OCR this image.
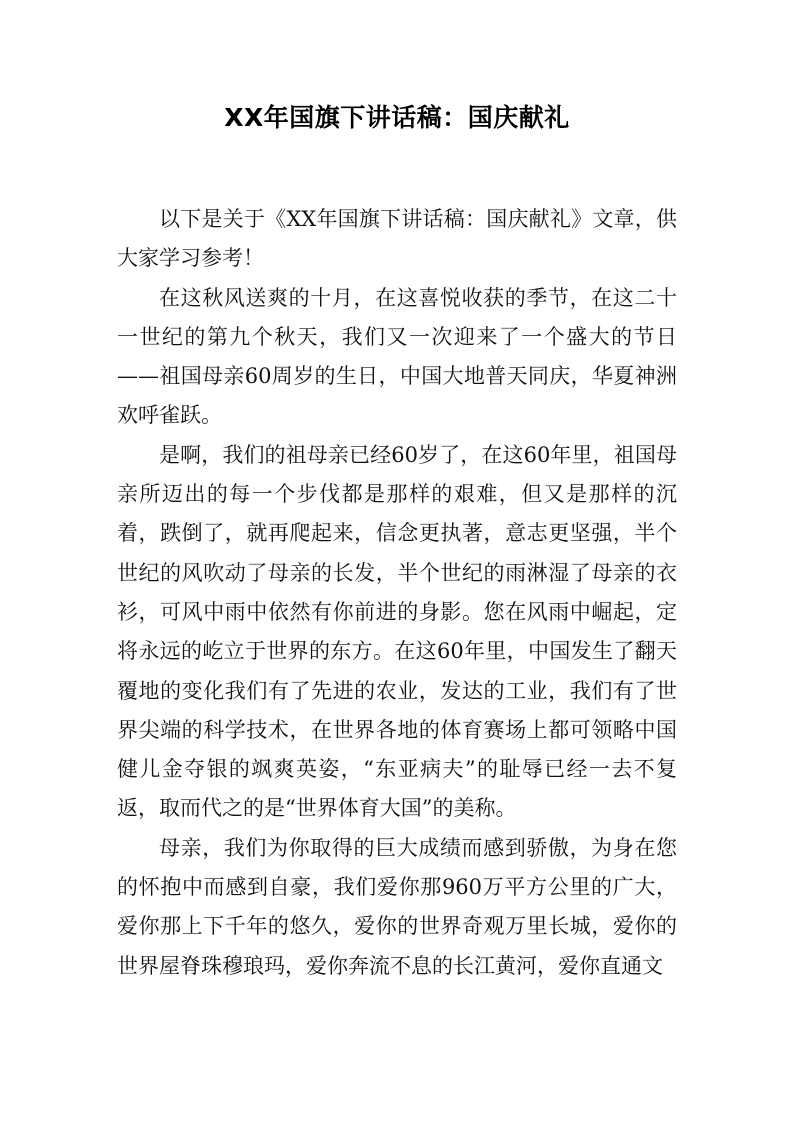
XX年国旗下讲话稿：国庆献礼

以下是关于《XX年国旗下讲话稿：国庆献礼》文章，供大家学习参考！

在这秋风送爽的十月，在这喜悦收获的季节，在这二十一世纪的第九个秋天，我们又一次迎来了一个盛大的节日——祖国母亲60周岁的生日，中国大地普天同庆，华夏神洲欢呼雀跃。

是啊，我们的祖母亲已经60岁了，在这60年里，祖国母亲所迈出的每一个步伐都是那样的艰难，但又是那样的沉着，跌倒了，就再爬起来，信念更执著，意志更坚强，半个世纪的风吹动了母亲的长发，半个世纪的雨淋湿了母亲的衣衫，可风中雨中依然有你前进的身影。您在风雨中崛起，定将永远的屹立于世界的东方。在这60年里，中国发生了翻天覆地的变化我们有了先进的农业，发达的工业，我们有了世界尖端的科学技术，在世界各地的体育赛场上都可领略中国健儿金夺银的飒爽英姿，“东亚病夫”的耻辱已经一去不复返，取而代之的是“世界体育大国”的美称。

母亲，我们为你取得的巨大成绩而感到骄傲，为身在您的怀抱中而感到自豪，我们爱你那960万平方公里的广大，爱你那上下千年的悠久，爱你的世界奇观万里长城，爱你的世界屋脊珠穆琅玛，爱你奔流不息的长江黄河，爱你直通文
